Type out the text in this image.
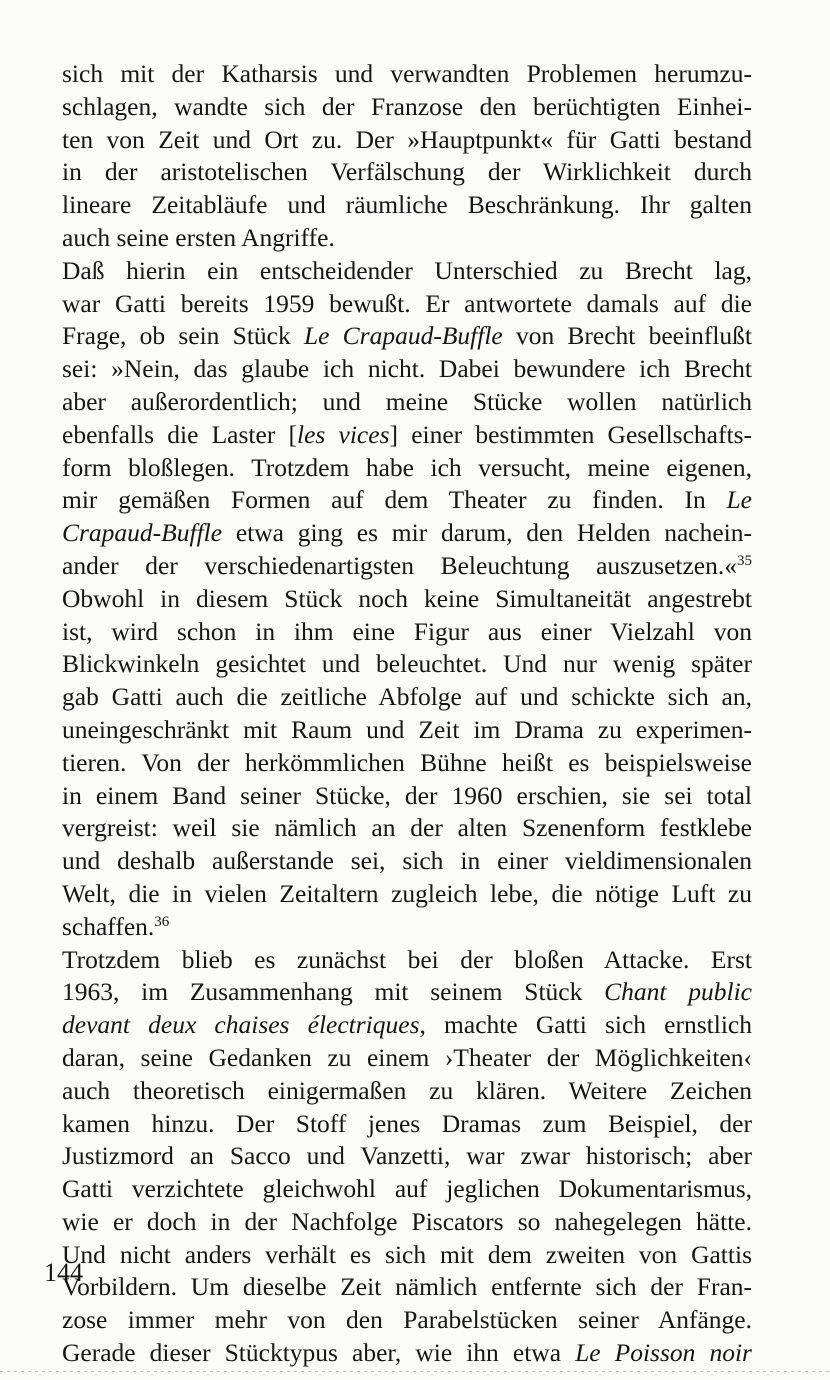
sich mit der Katharsis und verwandten Problemen herumzu-
schlagen, wandte sich der Franzose den berüchtigten Einhei-
ten von Zeit und Ort zu. Der »Hauptpunkt« für Gatti bestand
in der aristotelischen Verfälschung der Wirklichkeit durch
lineare Zeitabläufe und räumliche Beschränkung. Ihr galten
auch seine ersten Angriffe.
Daß hierin ein entscheidender Unterschied zu Brecht lag,
war Gatti bereits 1959 bewußt. Er antwortete damals auf die
Frage, ob sein Stück Le Crapaud-Buffle von Brecht beeinflußt
sei: »Nein, das glaube ich nicht. Dabei bewundere ich Brecht
aber außerordentlich; und meine Stücke wollen natürlich
ebenfalls die Laster [les vices] einer bestimmten Gesellschafts-
form bloßlegen. Trotzdem habe ich versucht, meine eigenen,
mir gemäßen Formen auf dem Theater zu finden. In Le
Crapaud-Buffle etwa ging es mir darum, den Helden nachein-
ander der verschiedenartigsten Beleuchtung auszusetzen.«$^{35}$
Obwohl in diesem Stück noch keine Simultaneität angestrebt
ist, wird schon in ihm eine Figur aus einer Vielzahl von
Blickwinkeln gesichtet und beleuchtet. Und nur wenig später
gab Gatti auch die zeitliche Abfolge auf und schickte sich an,
uneingeschränkt mit Raum und Zeit im Drama zu experimen-
tieren. Von der herkömmlichen Bühne heißt es beispielsweise
in einem Band seiner Stücke, der 1960 erschien, sie sei total
vergreist: weil sie nämlich an der alten Szenenform festklebe
und deshalb außerstande sei, sich in einer vieldimensionalen
Welt, die in vielen Zeitaltern zugleich lebe, die nötige Luft zu
schaffen.$^{36}$
Trotzdem blieb es zunächst bei der bloßen Attacke. Erst
1963, im Zusammenhang mit seinem Stück Chant public
devant deux chaises électriques, machte Gatti sich ernstlich
daran, seine Gedanken zu einem ›Theater der Möglichkeiten‹
auch theoretisch einigermaßen zu klären. Weitere Zeichen
kamen hinzu. Der Stoff jenes Dramas zum Beispiel, der
Justizmord an Sacco und Vanzetti, war zwar historisch; aber
Gatti verzichtete gleichwohl auf jeglichen Dokumentarismus,
wie er doch in der Nachfolge Piscators so nahegelegen hätte.
Und nicht anders verhält es sich mit dem zweiten von Gattis
Vorbildern. Um dieselbe Zeit nämlich entfernte sich der Fran-
zose immer mehr von den Parabelstücken seiner Anfänge.
Gerade dieser Stücktypus aber, wie ihn etwa Le Poisson noir
144
